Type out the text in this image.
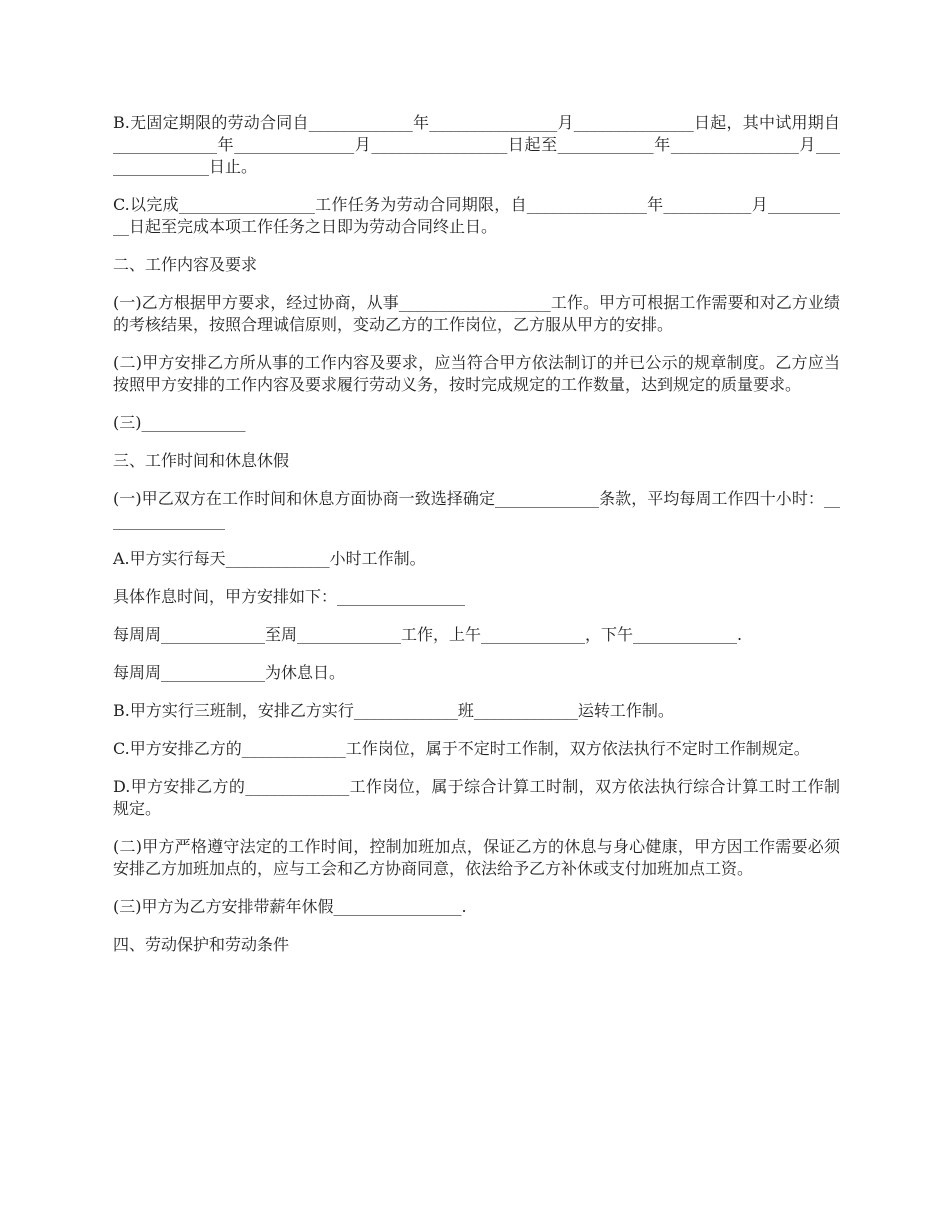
B.无固定期限的劳动合同自_____________年________________月_______________日起，其中试用期自_____________年_______________月_________________日起至____________年________________月_______________日止。

C.以完成_________________工作任务为劳动合同期限，自_______________年___________月___________日起至完成本项工作任务之日即为劳动合同终止日。

二、工作内容及要求

(一)乙方根据甲方要求，经过协商，从事___________________工作。甲方可根据工作需要和对乙方业绩的考核结果，按照合理诚信原则，变动乙方的工作岗位，乙方服从甲方的安排。

(二)甲方安排乙方所从事的工作内容及要求，应当符合甲方依法制订的并已公示的规章制度。乙方应当按照甲方安排的工作内容及要求履行劳动义务，按时完成规定的工作数量，达到规定的质量要求。

(三)_____________

三、工作时间和休息休假

(一)甲乙双方在工作时间和休息方面协商一致选择确定_____________条款，平均每周工作四十小时：________________

A.甲方实行每天_____________小时工作制。

具体作息时间，甲方安排如下：________________

每周周_____________至周_____________工作，上午_____________，下午_____________.

每周周_____________为休息日。

B.甲方实行三班制，安排乙方实行_____________班_____________运转工作制。

C.甲方安排乙方的_____________工作岗位，属于不定时工作制，双方依法执行不定时工作制规定。

D.甲方安排乙方的_____________工作岗位，属于综合计算工时制，双方依法执行综合计算工时工作制规定。

(二)甲方严格遵守法定的工作时间，控制加班加点，保证乙方的休息与身心健康，甲方因工作需要必须安排乙方加班加点的，应与工会和乙方协商同意，依法给予乙方补休或支付加班加点工资。

(三)甲方为乙方安排带薪年休假________________.

四、劳动保护和劳动条件
